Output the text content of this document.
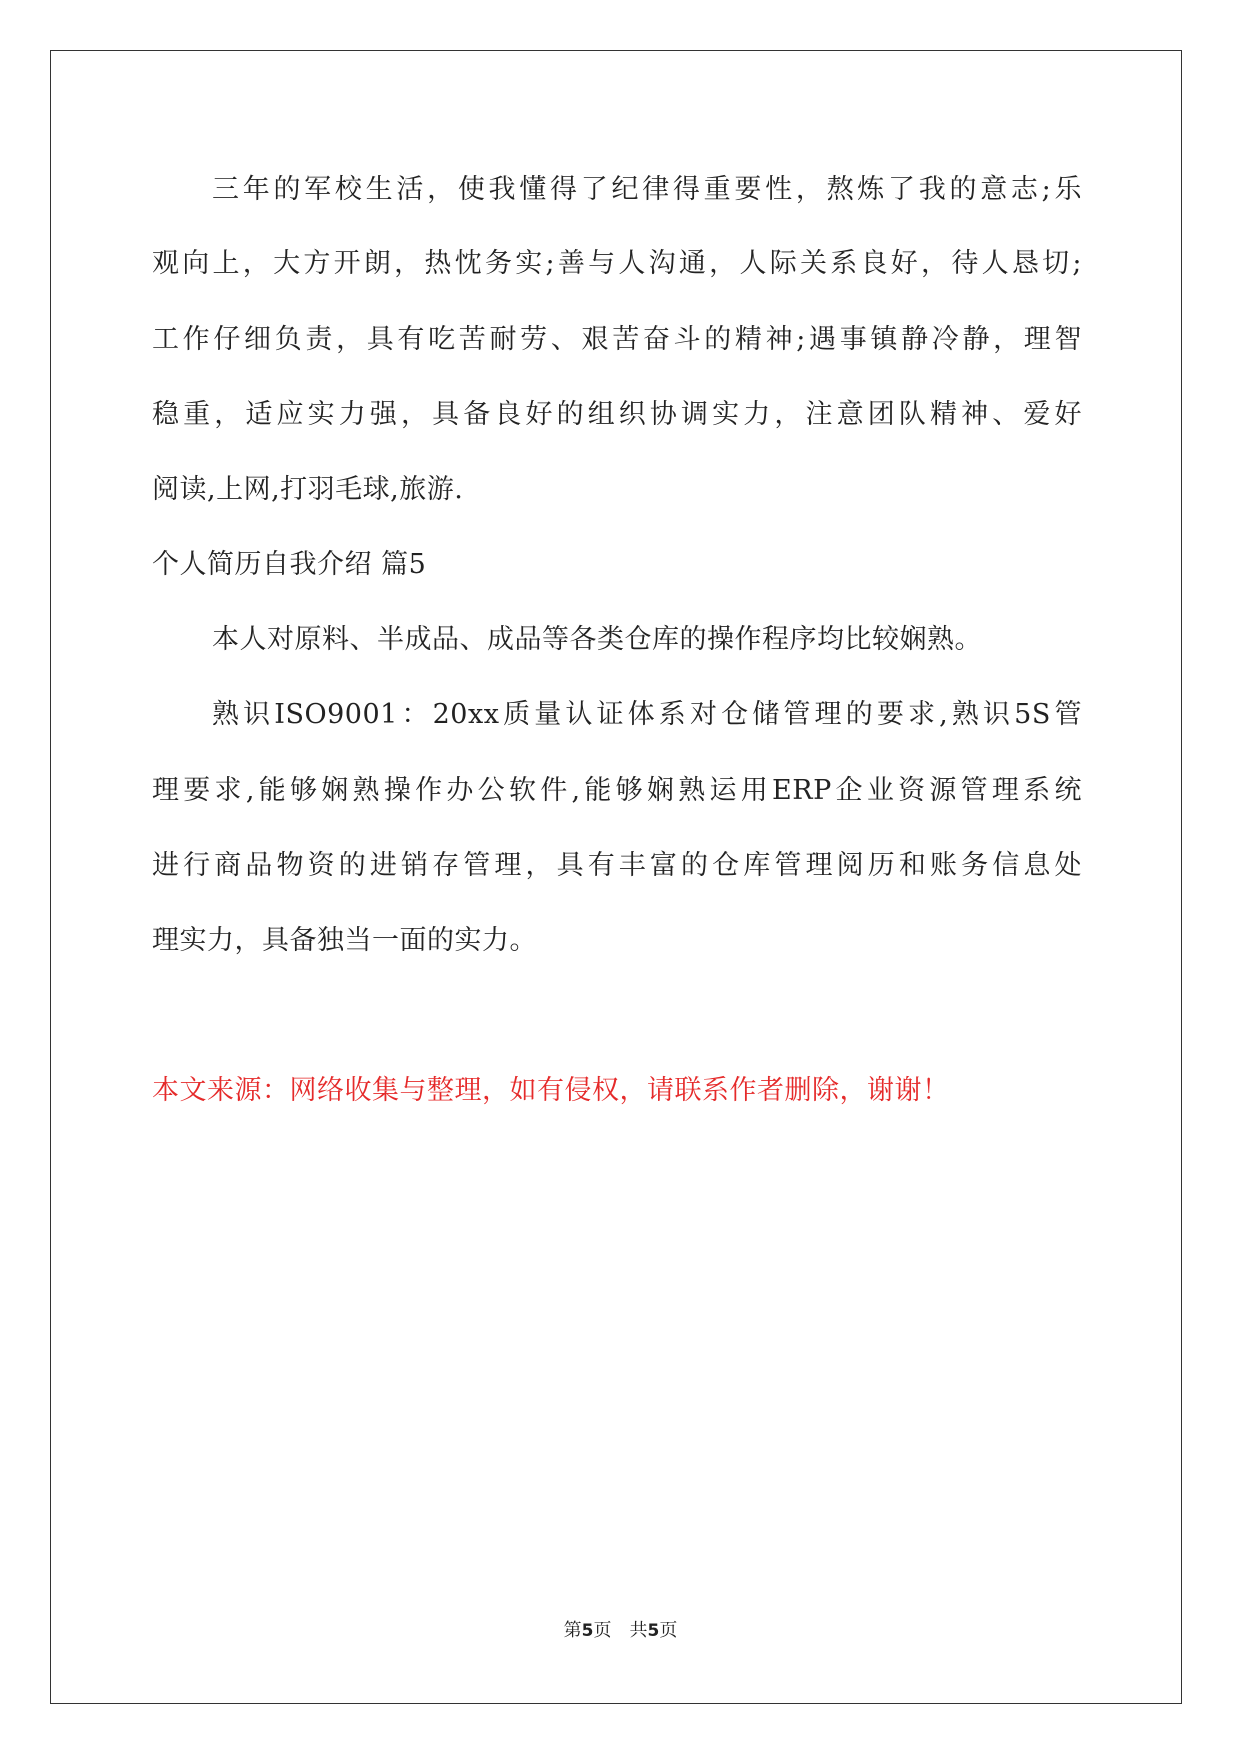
三年的军校生活，使我懂得了纪律得重要性，熬炼了我的意志;乐
观向上，大方开朗，热忱务实;善与人沟通，人际关系良好，待人恳切;
工作仔细负责，具有吃苦耐劳、艰苦奋斗的精神;遇事镇静冷静，理智
稳重，适应实力强，具备良好的组织协调实力，注意团队精神、爱好
阅读,上网,打羽毛球,旅游.
个人简历自我介绍 篇5
本人对原料、半成品、成品等各类仓库的操作程序均比较娴熟。
熟识ISO9001：20xx质量认证体系对仓储管理的要求,熟识5S管
理要求,能够娴熟操作办公软件,能够娴熟运用ERP企业资源管理系统
进行商品物资的进销存管理，具有丰富的仓库管理阅历和账务信息处
理实力，具备独当一面的实力。
本文来源：网络收集与整理，如有侵权，请联系作者删除，谢谢！
第5页 共5页
